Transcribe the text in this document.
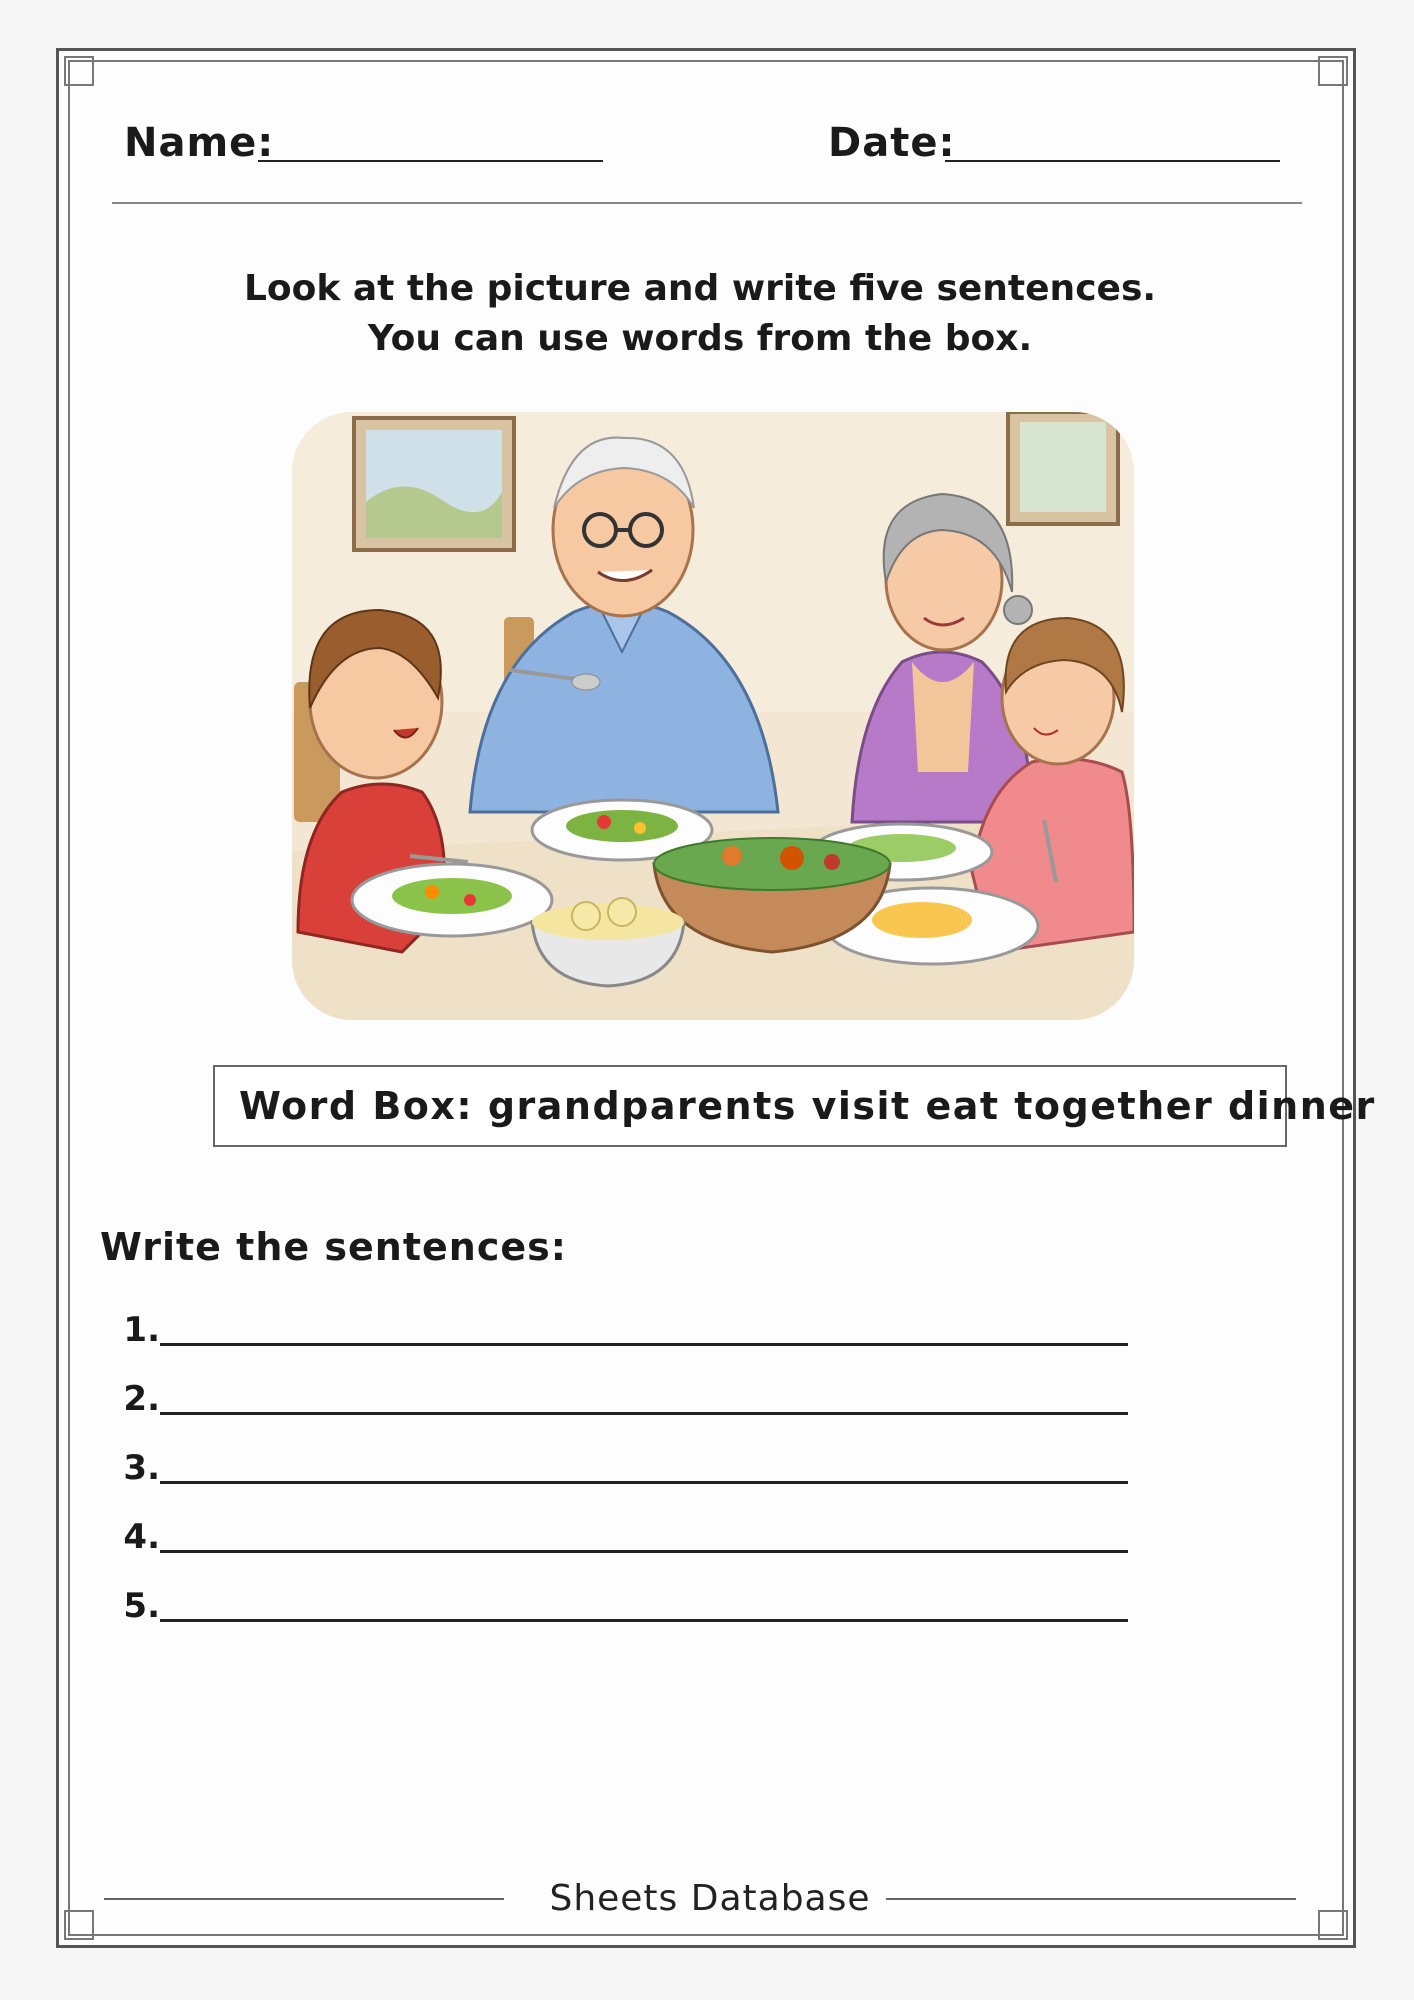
Name:	Date:
Look at the picture and write five sentences.
You can use words from the box.
Word Box: grandparents visit eat together dinner
Write the sentences:
1.
2.
3.
4.
5.
Sheets Database
